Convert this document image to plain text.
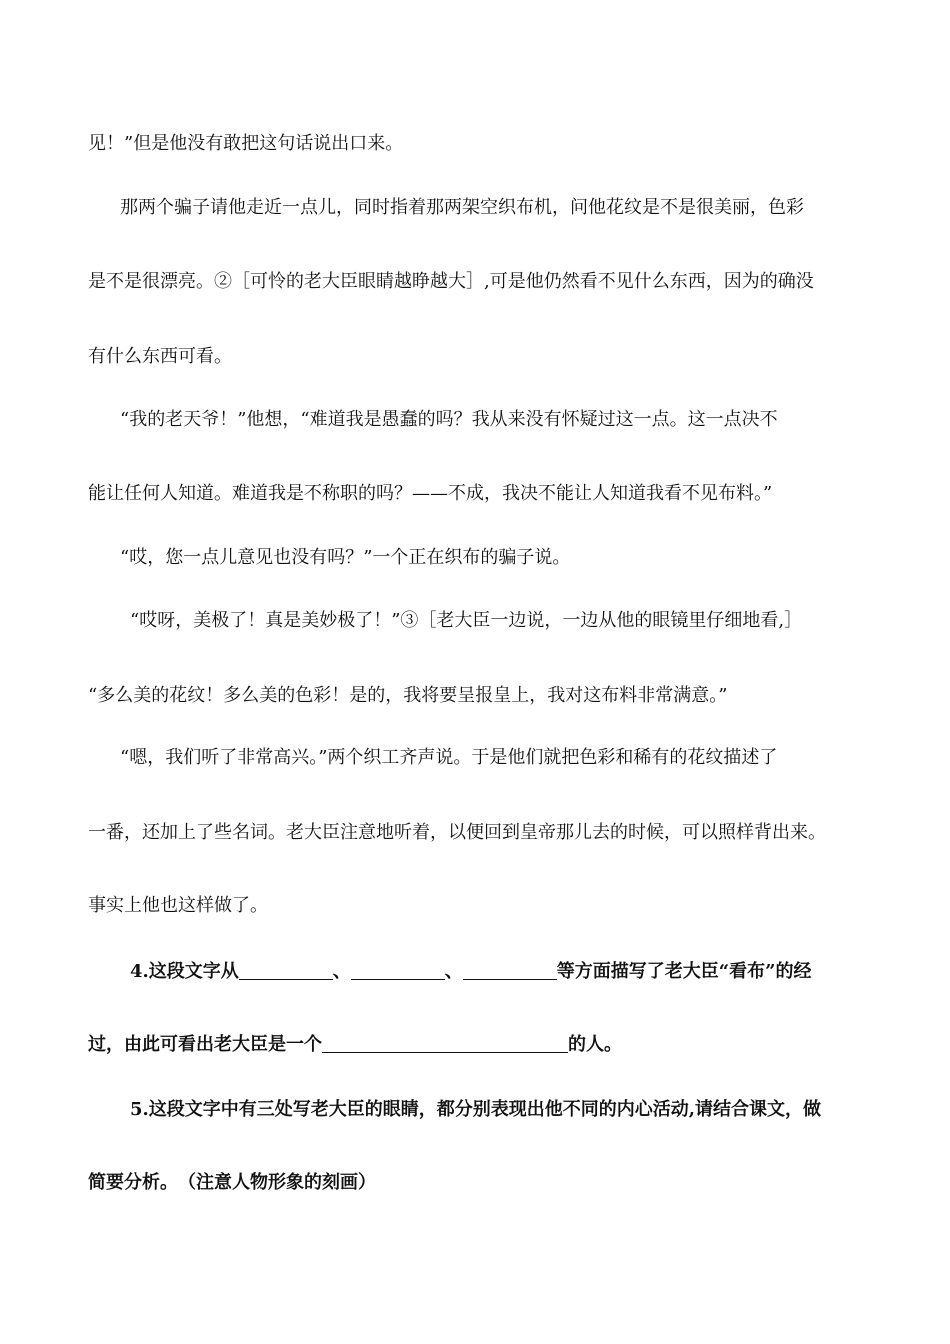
见！”但是他没有敢把这句话说出口来。
那两个骗子请他走近一点儿，同时指着那两架空织布机，问他花纹是不是很美丽，色彩
是不是很漂亮。②［可怜的老大臣眼睛越睁越大］,可是他仍然看不见什么东西，因为的确没
有什么东西可看。
“我的老天爷！”他想，“难道我是愚蠢的吗？我从来没有怀疑过这一点。这一点决不
能让任何人知道。难道我是不称职的吗？——不成，我决不能让人知道我看不见布料。”
“哎，您一点儿意见也没有吗？”一个正在织布的骗子说。
“哎呀，美极了！真是美妙极了！”③［老大臣一边说，一边从他的眼镜里仔细地看,］
“多么美的花纹！多么美的色彩！是的，我将要呈报皇上，我对这布料非常满意。”
“嗯，我们听了非常高兴。”两个织工齐声说。于是他们就把色彩和稀有的花纹描述了
一番，还加上了些名词。老大臣注意地听着，以便回到皇帝那儿去的时候，可以照样背出来。
事实上他也这样做了。
4.这段文字从	、	、	等方面描写了老大臣“看布”的经
过，由此可看出老大臣是一个	的人。
5.这段文字中有三处写老大臣的眼睛，都分别表现出他不同的内心活动,请结合课文，做
简要分析。　（注意人物形象的刻画）
